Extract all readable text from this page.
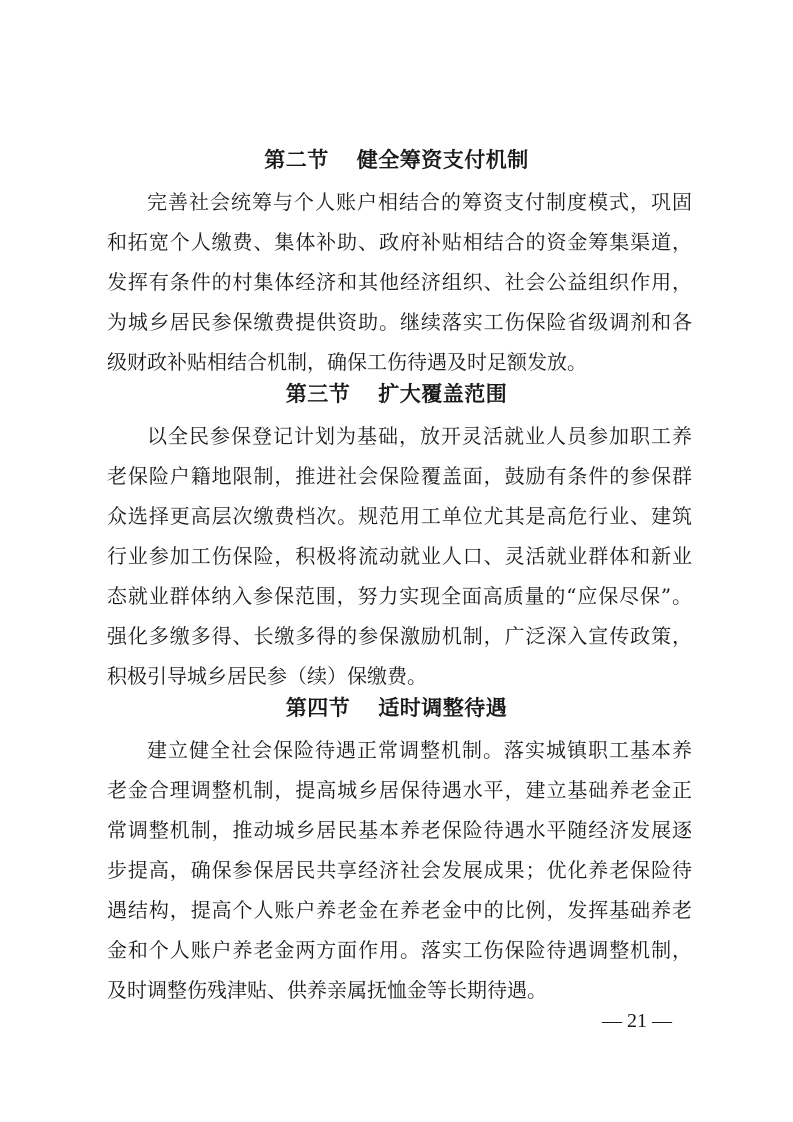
第二节 健全筹资支付机制
完善社会统筹与个人账户相结合的筹资支付制度模式，巩固
和拓宽个人缴费、集体补助、政府补贴相结合的资金筹集渠道，
发挥有条件的村集体经济和其他经济组织、社会公益组织作用，
为城乡居民参保缴费提供资助。继续落实工伤保险省级调剂和各
级财政补贴相结合机制，确保工伤待遇及时足额发放。
第三节 扩大覆盖范围
以全民参保登记计划为基础，放开灵活就业人员参加职工养
老保险户籍地限制，推进社会保险覆盖面，鼓励有条件的参保群
众选择更高层次缴费档次。规范用工单位尤其是高危行业、建筑
行业参加工伤保险，积极将流动就业人口、灵活就业群体和新业
态就业群体纳入参保范围，努力实现全面高质量的“应保尽保”。
强化多缴多得、长缴多得的参保激励机制，广泛深入宣传政策，
积极引导城乡居民参（续）保缴费。
第四节 适时调整待遇
建立健全社会保险待遇正常调整机制。落实城镇职工基本养
老金合理调整机制，提高城乡居保待遇水平，建立基础养老金正
常调整机制，推动城乡居民基本养老保险待遇水平随经济发展逐
步提高，确保参保居民共享经济社会发展成果；优化养老保险待
遇结构，提高个人账户养老金在养老金中的比例，发挥基础养老
金和个人账户养老金两方面作用。落实工伤保险待遇调整机制，
及时调整伤残津贴、供养亲属抚恤金等长期待遇。
— 21 —
